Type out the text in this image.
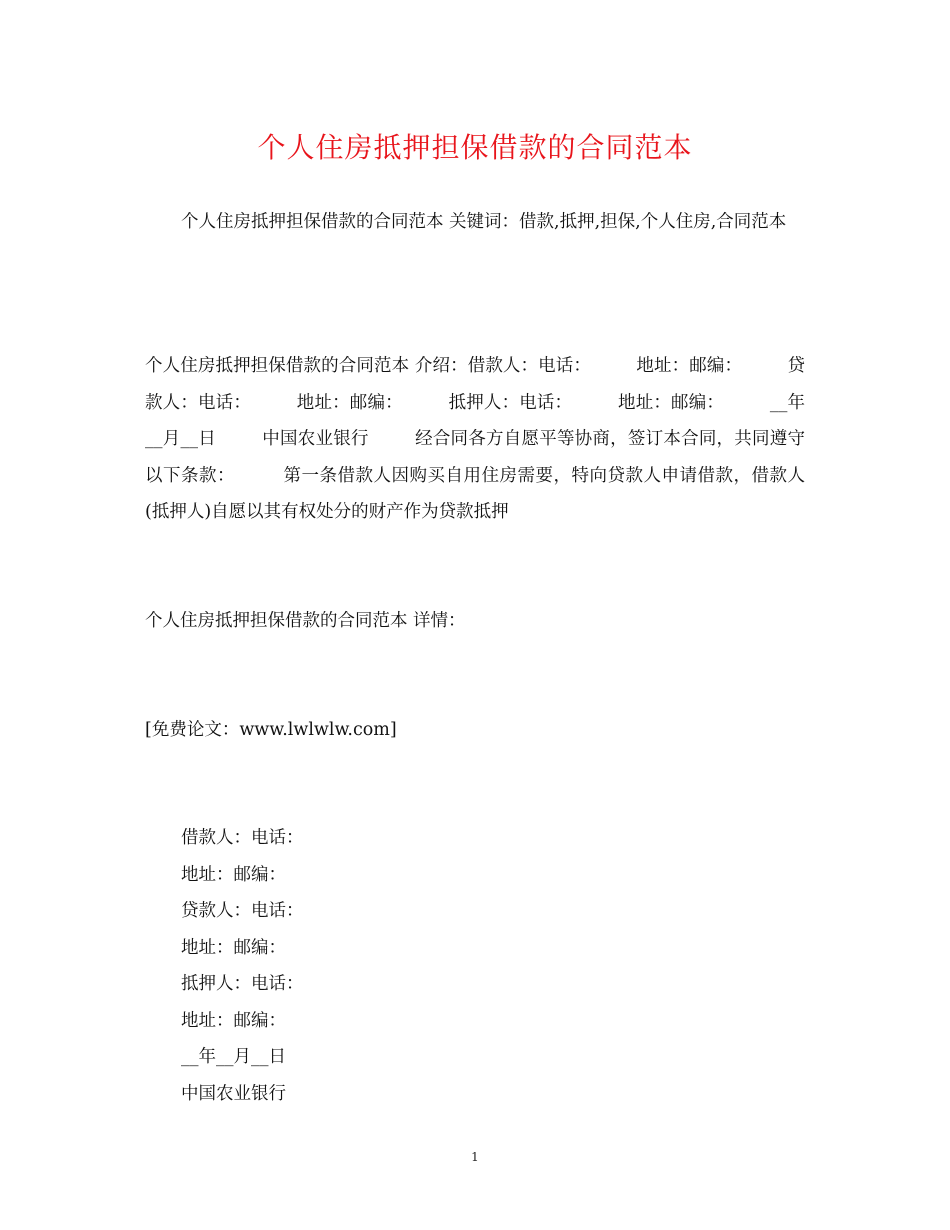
个人住房抵押担保借款的合同范本

个人住房抵押担保借款的合同范本 关键词：借款,抵押,担保,个人住房,合同范本

个人住房抵押担保借款的合同范本 介绍：借款人：电话：        地址：邮编：        贷款人：电话：        地址：邮编：        抵押人：电话：        地址：邮编：        __年__月__日        中国农业银行        经合同各方自愿平等协商，签订本合同，共同遵守以下条款：        第一条借款人因购买自用住房需要，特向贷款人申请借款，借款人(抵押人)自愿以其有权处分的财产作为贷款抵押

个人住房抵押担保借款的合同范本 详情：

[免费论文：www.lwlwlw.com]

借款人：电话：
地址：邮编：
贷款人：电话：
地址：邮编：
抵押人：电话：
地址：邮编：
__年__月__日
中国农业银行
1
